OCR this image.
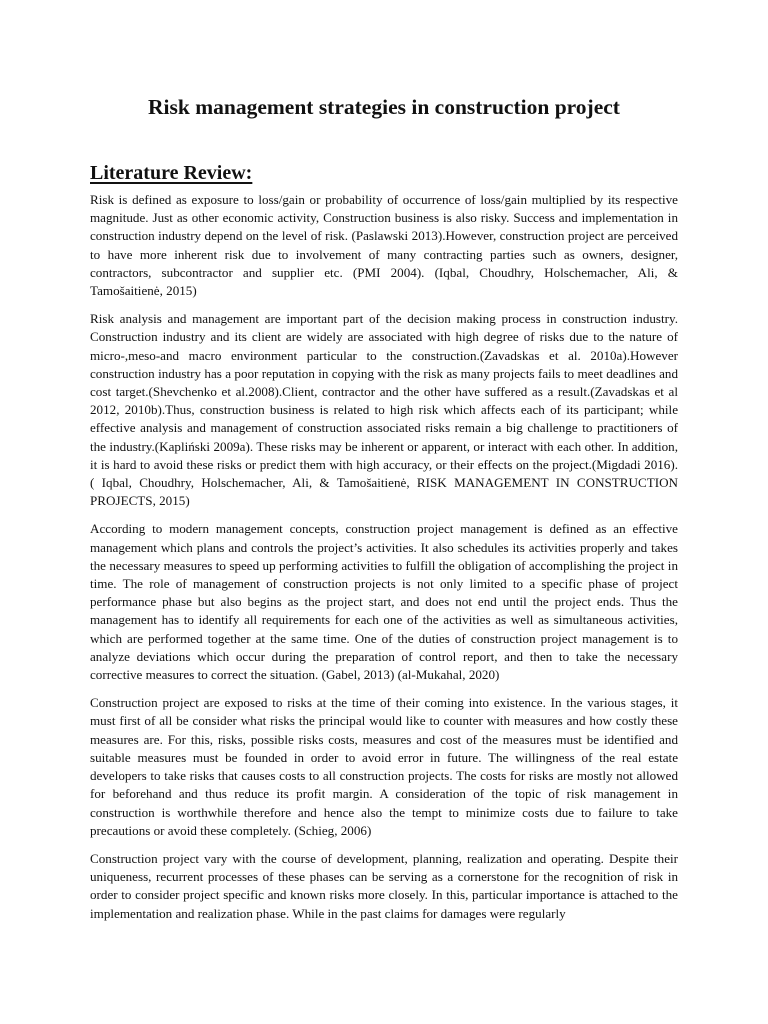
Risk management strategies in construction project
Literature Review:

Risk is defined as exposure to loss/gain or probability of occurrence of loss/gain multiplied by its respective magnitude. Just as other economic activity, Construction business is also risky. Success and implementation in construction industry depend on the level of risk. (Paslawski 2013).However, construction project are perceived to have more inherent risk due to involvement of many contracting parties such as owners, designer, contractors, subcontractor and supplier etc. (PMI 2004). (Iqbal, Choudhry, Holschemacher, Ali, & Tamošaitienė, 2015)

Risk analysis and management are important part of the decision making process in construction industry. Construction industry and its client are widely are associated with high degree of risks due to the nature of micro-,meso-and macro environment particular to the construction.(Zavadskas et al. 2010a).However construction industry has a poor reputation in copying with the risk as many projects fails to meet deadlines and cost target.(Shevchenko et al.2008).Client, contractor and the other have suffered as a result.(Zavadskas et al 2012, 2010b).Thus, construction business is related to high risk which affects each of its participant; while effective analysis and management of construction associated risks remain a big challenge to practitioners of the industry.(Kapliński 2009a). These risks may be inherent or apparent, or interact with each other. In addition, it is hard to avoid these risks or predict them with high accuracy, or their effects on the project.(Migdadi 2016). ( Iqbal, Choudhry, Holschemacher, Ali, & Tamošaitienė, RISK MANAGEMENT IN CONSTRUCTION PROJECTS, 2015)

According to modern management concepts, construction project management is defined as an effective management which plans and controls the project’s activities. It also schedules its activities properly and takes the necessary measures to speed up performing activities to fulfill the obligation of accomplishing the project in time. The role of management of construction projects is not only limited to a specific phase of project performance phase but also begins as the project start, and does not end until the project ends. Thus the management has to identify all requirements for each one of the activities as well as simultaneous activities, which are performed together at the same time. One of the duties of construction project management is to analyze deviations which occur during the preparation of control report, and then to take the necessary corrective measures to correct the situation. (Gabel, 2013) (al-Mukahal, 2020)

Construction project are exposed to risks at the time of their coming into existence. In the various stages, it must first of all be consider what risks the principal would like to counter with measures and how costly these measures are. For this, risks, possible risks costs, measures and cost of the measures must be identified and suitable measures must be founded in order to avoid error in future. The willingness of the real estate developers to take risks that causes costs to all construction projects. The costs for risks are mostly not allowed for beforehand and thus reduce its profit margin. A consideration of the topic of risk management in construction is worthwhile therefore and hence also the tempt to minimize costs due to failure to take precautions or avoid these completely. (Schieg, 2006)

Construction project vary with the course of development, planning, realization and operating. Despite their uniqueness, recurrent processes of these phases can be serving as a cornerstone for the recognition of risk in order to consider project specific and known risks more closely. In this, particular importance is attached to the implementation and realization phase. While in the past claims for damages were regularly
